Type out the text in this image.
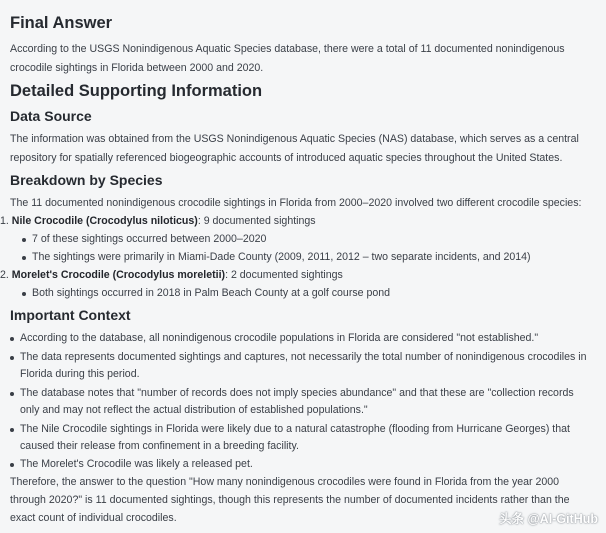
Final Answer
According to the USGS Nonindigenous Aquatic Species database, there were a total of 11 documented nonindigenous
crocodile sightings in Florida between 2000 and 2020.
Detailed Supporting Information
Data Source
The information was obtained from the USGS Nonindigenous Aquatic Species (NAS) database, which serves as a central
repository for spatially referenced biogeographic accounts of introduced aquatic species throughout the United States.
Breakdown by Species
The 11 documented nonindigenous crocodile sightings in Florida from 2000–2020 involved two different crocodile species:
1. Nile Crocodile (Crocodylus niloticus): 9 documented sightings
7 of these sightings occurred between 2000–2020
The sightings were primarily in Miami-Dade County (2009, 2011, 2012 – two separate incidents, and 2014)
2. Morelet's Crocodile (Crocodylus moreletii): 2 documented sightings
Both sightings occurred in 2018 in Palm Beach County at a golf course pond
Important Context
According to the database, all nonindigenous crocodile populations in Florida are considered "not established."
The data represents documented sightings and captures, not necessarily the total number of nonindigenous crocodiles in
Florida during this period.
The database notes that "number of records does not imply species abundance" and that these are "collection records
only and may not reflect the actual distribution of established populations."
The Nile Crocodile sightings in Florida were likely due to a natural catastrophe (flooding from Hurricane Georges) that
caused their release from confinement in a breeding facility.
The Morelet's Crocodile was likely a released pet.
Therefore, the answer to the question "How many nonindigenous crocodiles were found in Florida from the year 2000
through 2020?" is 11 documented sightings, though this represents the number of documented incidents rather than the
exact count of individual crocodiles.	头条 @AI-GitHub
